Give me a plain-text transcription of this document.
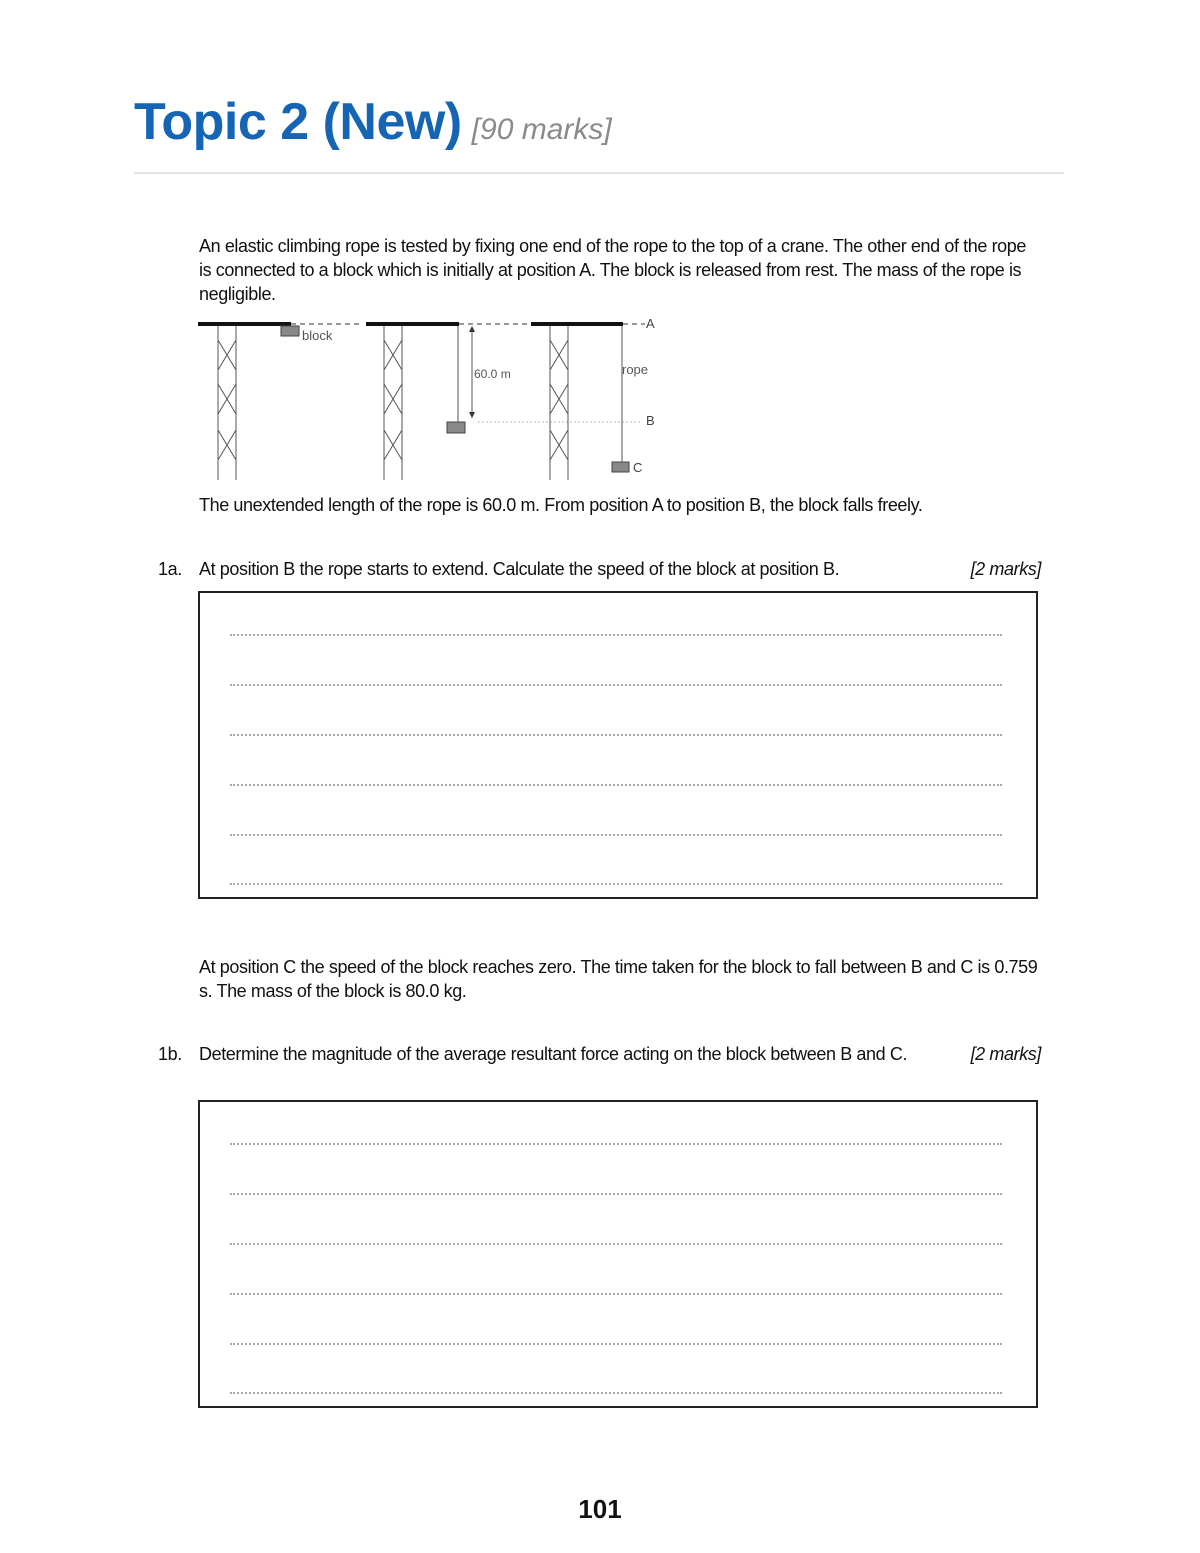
Topic 2 (New) [90 marks]
An elastic climbing rope is tested by fixing one end of the rope to the top of a crane. The other end of the rope is connected to a block which is initially at position A. The block is released from rest. The mass of the rope is negligible.
block
60.0 m	rope
A
B
C
The unextended length of the rope is 60.0 m. From position A to position B, the block falls freely.
1a. At position B the rope starts to extend. Calculate the speed of the block at position B.	[2 marks]
At position C the speed of the block reaches zero. The time taken for the block to fall between B and C is 0.759 s. The mass of the block is 80.0 kg.
1b. Determine the magnitude of the average resultant force acting on the block between B and C.	[2 marks]
101
